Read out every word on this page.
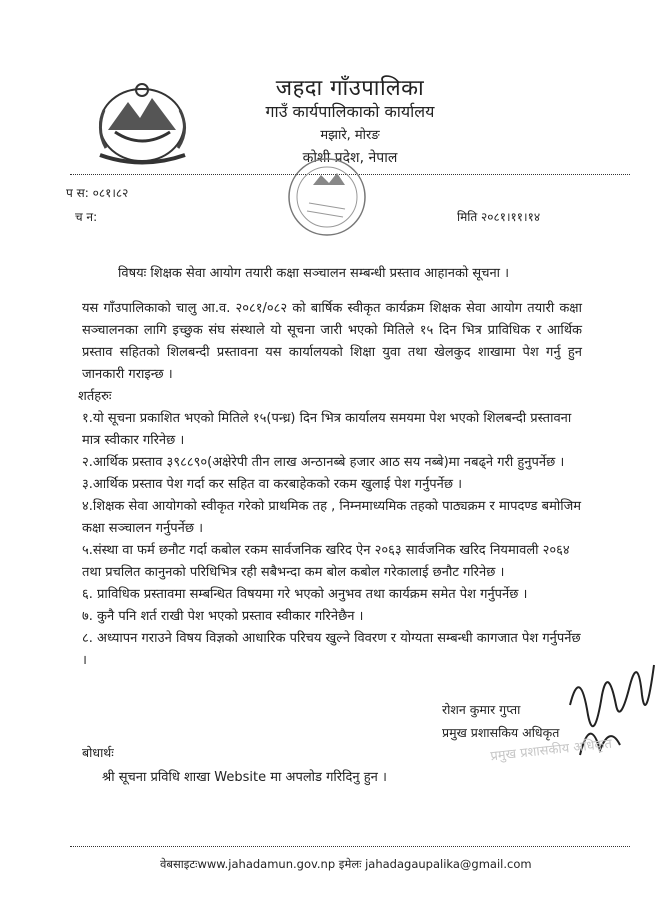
जहदा गाँउपालिका
गाउँ कार्यपालिकाको कार्यालय
मझारे, मोरङ
कोशी प्रदेश, नेपाल
प स: ०८१।८२
च न:	मिति २०८१।११।१४
विषयः शिक्षक सेवा आयोग तयारी कक्षा सञ्चालन सम्बन्धी प्रस्ताव आहानको सूचना ।
यस गाँउपालिकाको चालु आ.व. २०८१/०८२ को बार्षिक स्वीकृत कार्यक्रम शिक्षक सेवा आयोग तयारी कक्षा सञ्चालनका लागि इच्छुक संघ संस्थाले यो सूचना जारी भएको मितिले १५ दिन भित्र प्राविधिक र आर्थिक प्रस्ताव सहितको शिलबन्दी प्रस्तावना यस कार्यालयको शिक्षा युवा तथा खेलकुद शाखामा पेश गर्नु हुन जानकारी गराइन्छ ।

शर्तहरुः

१.यो सूचना प्रकाशित भएको मितिले १५(पन्ध्र) दिन भित्र कार्यालय समयमा पेश भएको शिलबन्दी प्रस्तावना मात्र स्वीकार गरिनेछ ।

२.आर्थिक प्रस्ताव ३९८८९०(अक्षेरेपी तीन लाख अन्ठानब्बे हजार आठ सय नब्बे)मा नबढ्ने गरी हुनुपर्नेछ ।

३.आर्थिक प्रस्ताव पेश गर्दा कर सहित वा करबाहेकको रकम खुलाई पेश गर्नुपर्नेछ ।

४.शिक्षक सेवा आयोगको स्वीकृत गरेको प्राथमिक तह , निम्नमाध्यमिक तहको पाठ्यक्रम र मापदण्ड बमोजिम कक्षा सञ्चालन गर्नुपर्नेछ ।

५.संस्था वा फर्म छनौट गर्दा कबोल रकम सार्वजनिक खरिद ऐन २०६३ सार्वजनिक खरिद नियमावली २०६४ तथा प्रचलित कानुनको परिधिभित्र रही सबैभन्दा कम बोल कबोल गरेकालाई छनौट गरिनेछ ।

६. प्राविधिक प्रस्तावमा सम्बन्धित विषयमा गरे भएको अनुभव तथा कार्यक्रम समेत पेश गर्नुपर्नेछ ।

७. कुनै पनि शर्त राखी पेश भएको प्रस्ताव स्वीकार गरिनेछैन ।

८. अध्यापन गराउने विषय विज्ञको आधारिक परिचय खुल्ने विवरण र योग्यता सम्बन्धी कागजात पेश गर्नुपर्नेछ ।

रोशन कुमार गुप्ता
प्रमुख प्रशासकिय अधिकृत
प्रमुख प्रशासकीय अधिकृत
बोधार्थः
श्री सूचना प्रविधि शाखा Website मा अपलोड गरिदिनु हुन ।
वेबसाइटःwww.jahadamun.gov.np इमेलः jahadagaupalika@gmail.com
